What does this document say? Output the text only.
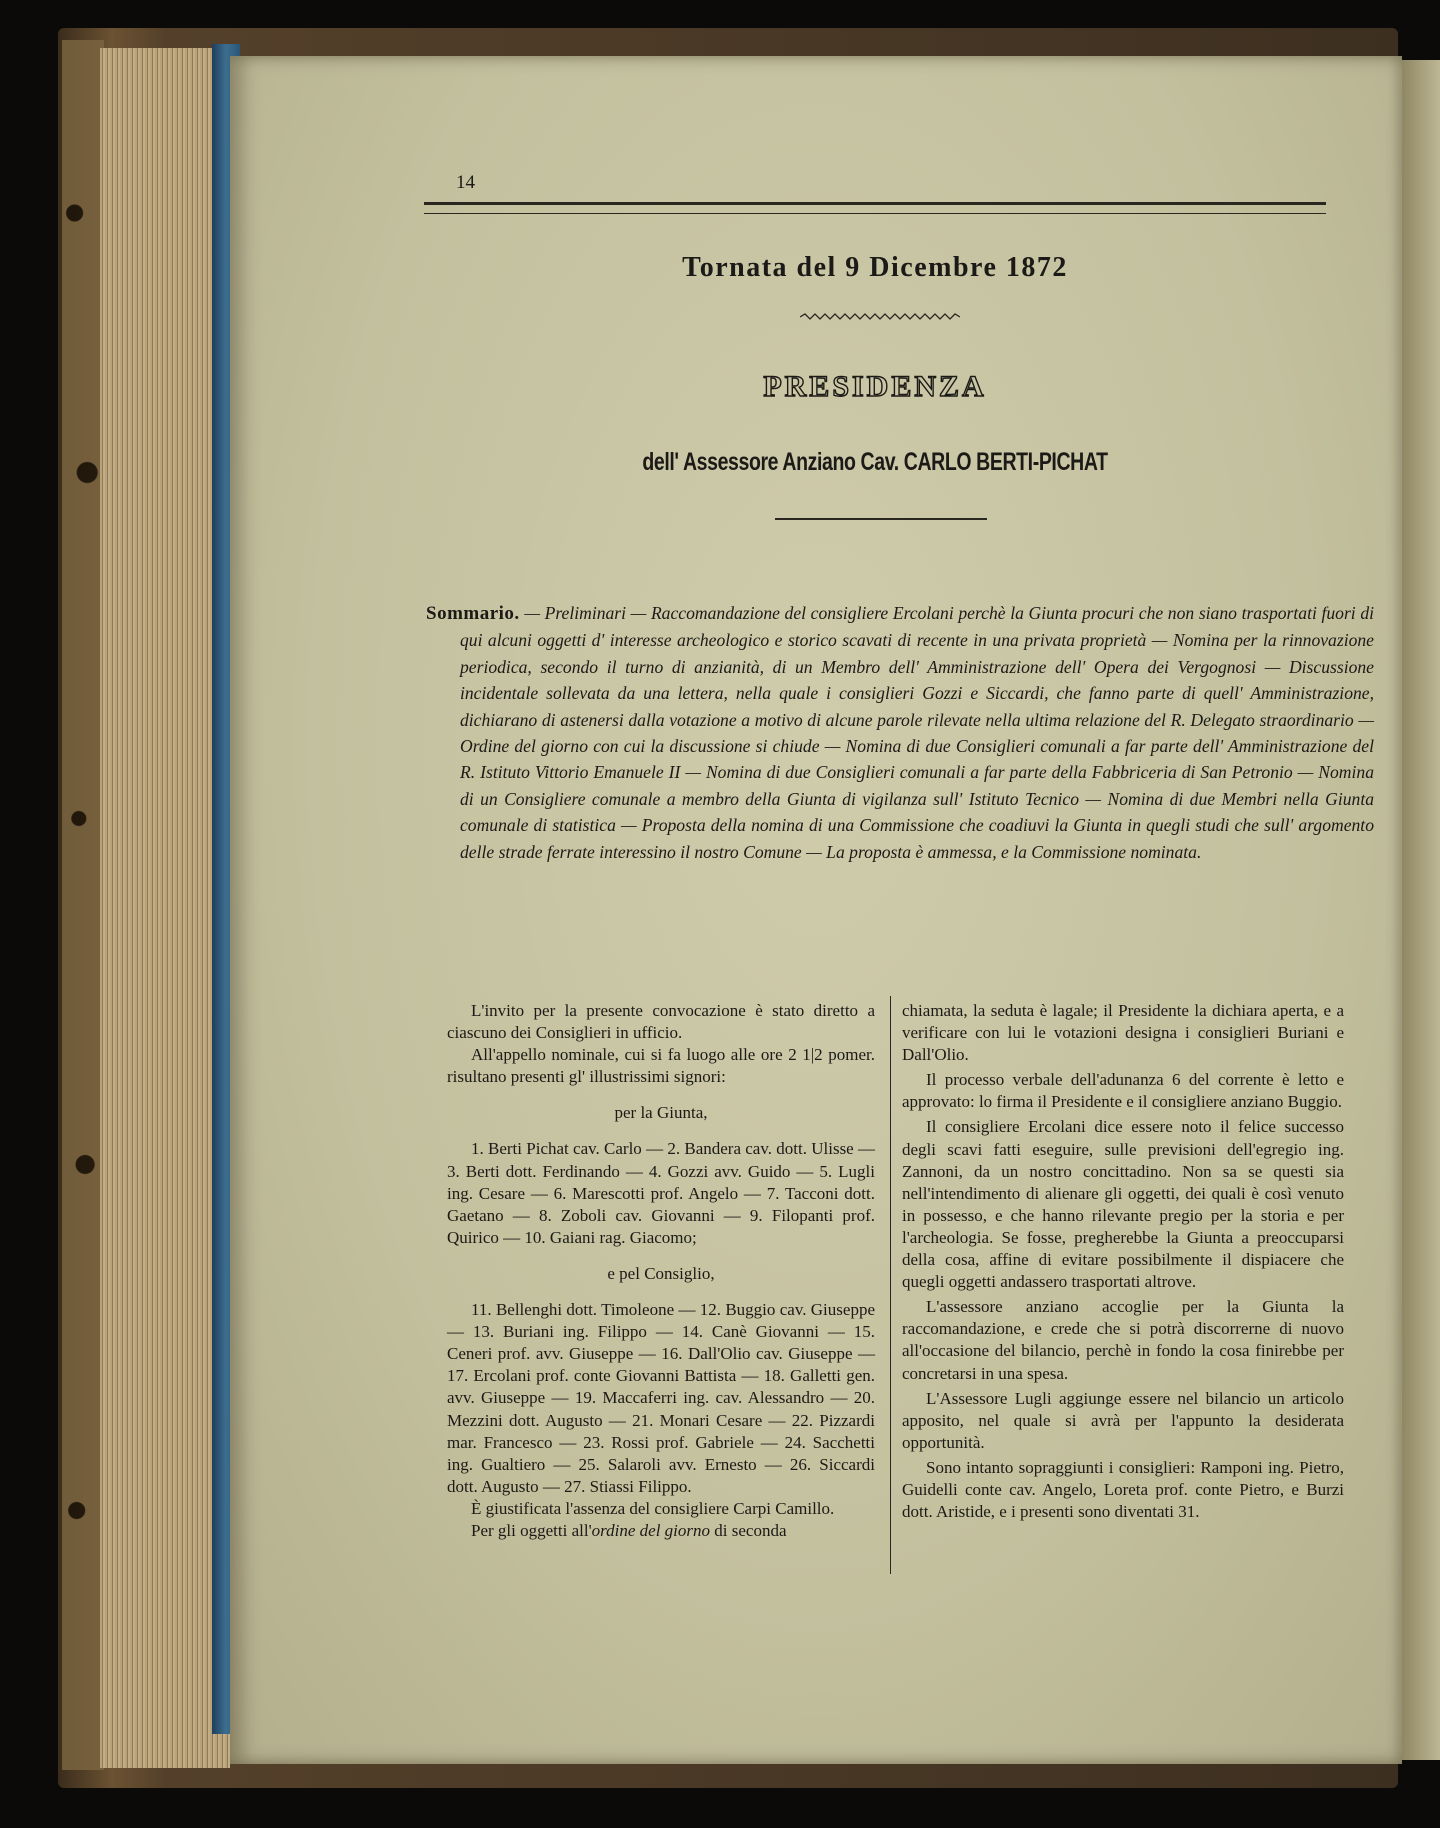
14
Tornata del 9 Dicembre 1872
PRESIDENZA
dell' Assessore Anziano Cav. CARLO BERTI-PICHAT
Sommario. — Preliminari — Raccomandazione del consigliere Ercolani perchè la Giunta procuri che non siano trasportati fuori di qui alcuni oggetti d' interesse archeologico e storico scavati di recente in una privata proprietà — Nomina per la rinnovazione periodica, secondo il turno di anzianità, di un Membro dell' Amministrazione dell' Opera dei Vergognosi — Discussione incidentale sollevata da una lettera, nella quale i consiglieri Gozzi e Siccardi, che fanno parte di quell' Amministrazione, dichiarano di astenersi dalla votazione a motivo di alcune parole rilevate nella ultima relazione del R. Delegato straordinario — Ordine del giorno con cui la discussione si chiude — Nomina di due Consiglieri comunali a far parte dell' Amministrazione del R. Istituto Vittorio Emanuele II — Nomina di due Consiglieri comunali a far parte della Fabbriceria di San Petronio — Nomina di un Consigliere comunale a membro della Giunta di vigilanza sull' Istituto Tecnico — Nomina di due Membri nella Giunta comunale di statistica — Proposta della nomina di una Commissione che coadiuvi la Giunta in quegli studi che sull' argomento delle strade ferrate interessino il nostro Comune — La proposta è ammessa, e la Commissione nominata.

L'invito per la presente convocazione è stato diretto a ciascuno dei Consiglieri in ufficio.

All'appello nominale, cui si fa luogo alle ore 2 1|2 pomer. risultano presenti gl' illustrissimi signori:

per la Giunta,

1. Berti Pichat cav. Carlo — 2. Bandera cav. dott. Ulisse — 3. Berti dott. Ferdinando — 4. Gozzi avv. Guido — 5. Lugli ing. Cesare — 6. Marescotti prof. Angelo — 7. Tacconi dott. Gaetano — 8. Zoboli cav. Giovanni — 9. Filopanti prof. Quirico — 10. Gaiani rag. Giacomo;

e pel Consiglio,

11. Bellenghi dott. Timoleone — 12. Buggio cav. Giuseppe — 13. Buriani ing. Filippo — 14. Canè Giovanni — 15. Ceneri prof. avv. Giuseppe — 16. Dall'Olio cav. Giuseppe — 17. Ercolani prof. conte Giovanni Battista — 18. Galletti gen. avv. Giuseppe — 19. Maccaferri ing. cav. Alessandro — 20. Mezzini dott. Augusto — 21. Monari Cesare — 22. Pizzardi mar. Francesco — 23. Rossi prof. Gabriele — 24. Sacchetti ing. Gualtiero — 25. Salaroli avv. Ernesto — 26. Siccardi dott. Augusto — 27. Stiassi Filippo.

È giustificata l'assenza del consigliere Carpi Camillo.

Per gli oggetti all'ordine del giorno di seconda

chiamata, la seduta è lagale; il Presidente la dichiara aperta, e a verificare con lui le votazioni designa i consiglieri Buriani e Dall'Olio.

Il processo verbale dell'adunanza 6 del corrente è letto e approvato: lo firma il Presidente e il consigliere anziano Buggio.

Il consigliere Ercolani dice essere noto il felice successo degli scavi fatti eseguire, sulle previsioni dell'egregio ing. Zannoni, da un nostro concittadino. Non sa se questi sia nell'intendimento di alienare gli oggetti, dei quali è così venuto in possesso, e che hanno rilevante pregio per la storia e per l'archeologia. Se fosse, pregherebbe la Giunta a preoccuparsi della cosa, affine di evitare possibilmente il dispiacere che quegli oggetti andassero trasportati altrove.

L'assessore anziano accoglie per la Giunta la raccomandazione, e crede che si potrà discorrerne di nuovo all'occasione del bilancio, perchè in fondo la cosa finirebbe per concretarsi in una spesa.

L'Assessore Lugli aggiunge essere nel bilancio un articolo apposito, nel quale si avrà per l'appunto la desiderata opportunità.

Sono intanto sopraggiunti i consiglieri: Ramponi ing. Pietro, Guidelli conte cav. Angelo, Loreta prof. conte Pietro, e Burzi dott. Aristide, e i presenti sono diventati 31.
